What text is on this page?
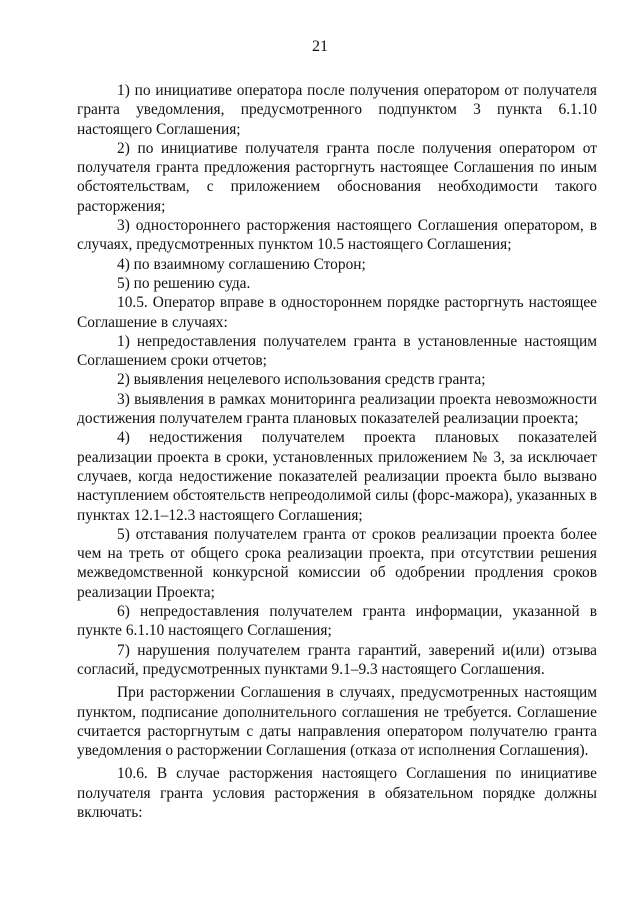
21

1) по инициативе оператора после получения оператором от получателя гранта уведомления, предусмотренного подпунктом 3 пункта 6.1.10 настоящего Соглашения;

2) по инициативе получателя гранта после получения оператором от получателя гранта предложения расторгнуть настоящее Соглашения по иным обстоятельствам, с приложением обоснования необходимости такого расторжения;

3) одностороннего расторжения настоящего Соглашения оператором, в случаях, предусмотренных пунктом 10.5 настоящего Соглашения;

4) по взаимному соглашению Сторон;

5) по решению суда.

10.5. Оператор вправе в одностороннем порядке расторгнуть настоящее Соглашение в случаях:

1) непредоставления получателем гранта в установленные настоящим Соглашением сроки отчетов;

2) выявления нецелевого использования средств гранта;

3) выявления в рамках мониторинга реализации проекта невозможности достижения получателем гранта плановых показателей реализации проекта;

4) недостижения получателем проекта плановых показателей реализации проекта в сроки, установленных приложением № 3, за исключает случаев, когда недостижение показателей реализации проекта было вызвано наступлением обстоятельств непреодолимой силы (форс-мажора), указанных в пунктах 12.1–12.3 настоящего Соглашения;

5) отставания получателем гранта от сроков реализации проекта более чем на треть от общего срока реализации проекта, при отсутствии решения межведомственной конкурсной комиссии об одобрении продления сроков реализации Проекта;

6) непредоставления получателем гранта информации, указанной в пункте 6.1.10 настоящего Соглашения;

7) нарушения получателем гранта гарантий, заверений и(или) отзыва согласий, предусмотренных пунктами 9.1–9.3 настоящего Соглашения.

При расторжении Соглашения в случаях, предусмотренных настоящим пунктом, подписание дополнительного соглашения не требуется. Соглашение считается расторгнутым с даты направления оператором получателю гранта уведомления о расторжении Соглашения (отказа от исполнения Соглашения).

10.6. В случае расторжения настоящего Соглашения по инициативе получателя гранта условия расторжения в обязательном порядке должны включать:
